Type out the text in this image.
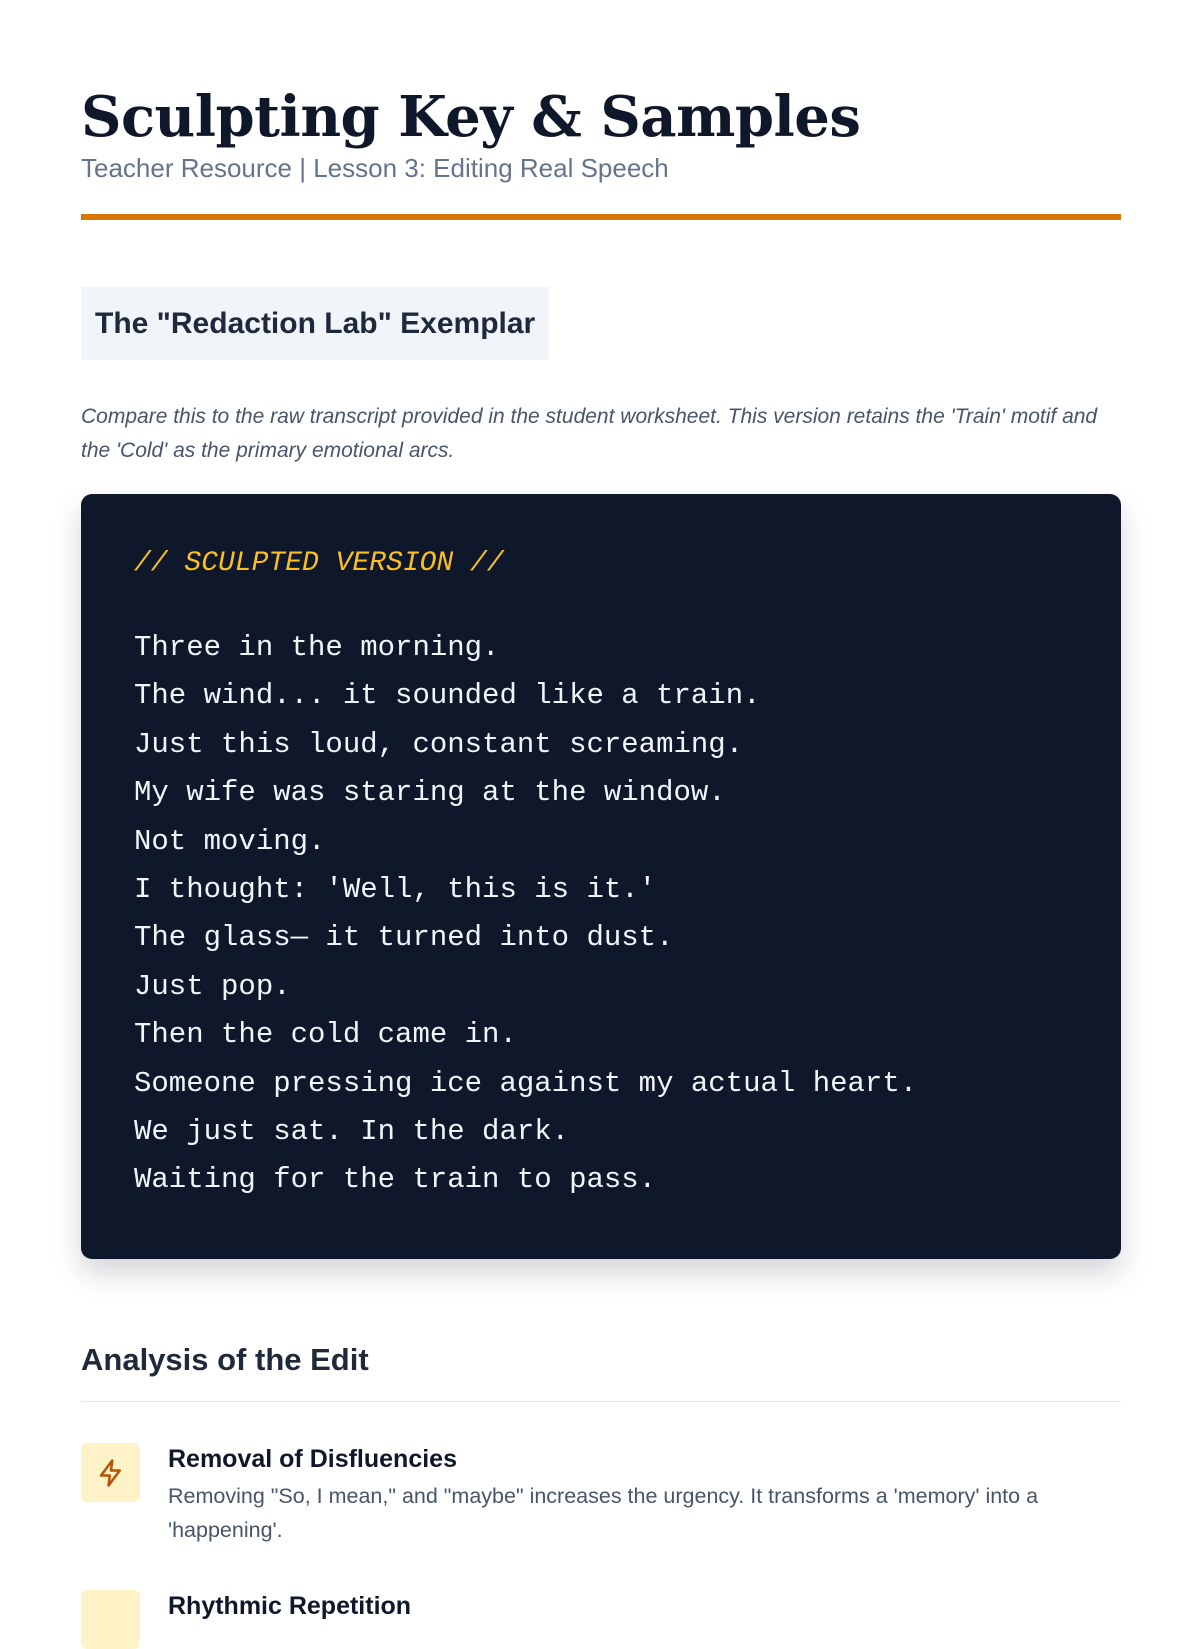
Sculpting Key & Samples
Teacher Resource | Lesson 3: Editing Real Speech
The "Redaction Lab" Exemplar

Compare this to the raw transcript provided in the student worksheet. This version retains the 'Train' motif and the 'Cold' as the primary emotional arcs.

// SCULPTED VERSION //
Three in the morning.
The wind... it sounded like a train.
Just this loud, constant screaming.
My wife was staring at the window.
Not moving.
I thought: 'Well, this is it.'
The glass— it turned into dust.
Just pop.
Then the cold came in.
Someone pressing ice against my actual heart.
We just sat. In the dark.
Waiting for the train to pass.
Analysis of the Edit
Removal of Disfluencies

Removing "So, I mean," and "maybe" increases the urgency. It transforms a 'memory' into a 'happening'.

Rhythmic Repetition
